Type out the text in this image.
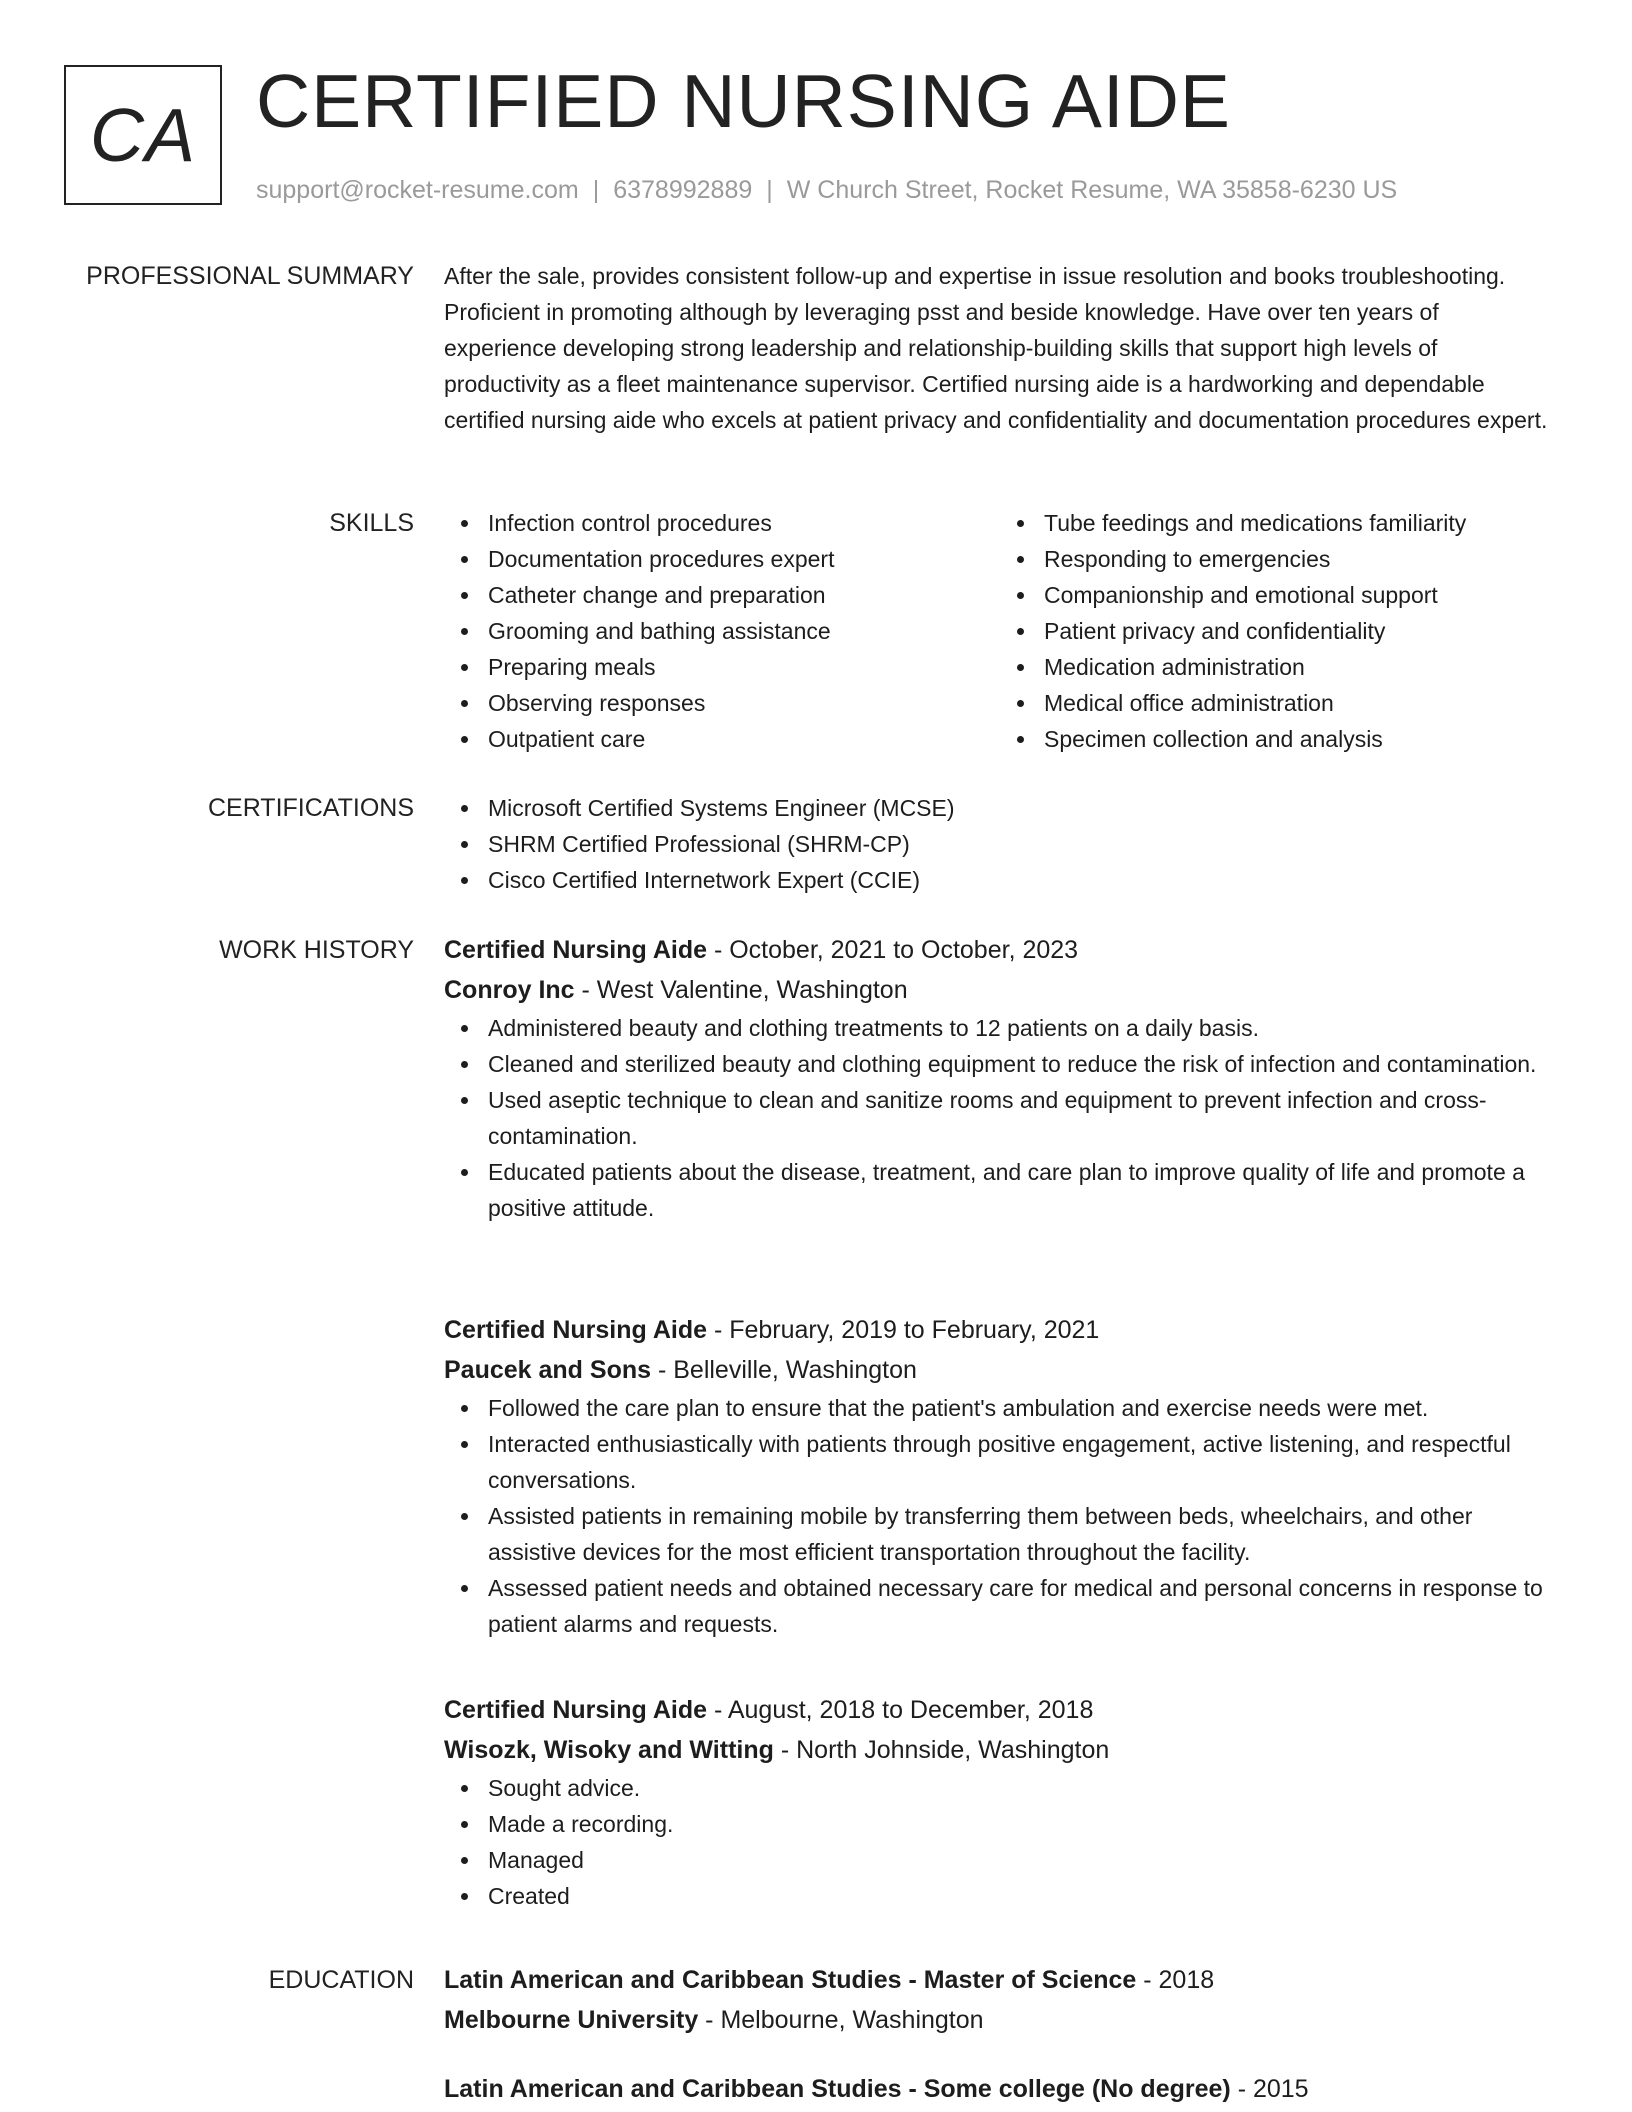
CA CERTIFIED NURSING AIDE
support@rocket-resume.com | 6378992889 | W Church Street, Rocket Resume, WA 35858-6230 US
PROFESSIONAL SUMMARY After the sale, provides consistent follow-up and expertise in issue resolution and books troubleshooting. Proficient in promoting although by leveraging psst and beside knowledge. Have over ten years of experience developing strong leadership and relationship-building skills that support high levels of productivity as a fleet maintenance supervisor. Certified nursing aide is a hardworking and dependable certified nursing aide who excels at patient privacy and confidentiality and documentation procedures expert.

SKILLS	Infection control procedures
Documentation procedures expert
Catheter change and preparation
Grooming and bathing assistance
Preparing meals
Observing responses
Outpatient care
Tube feedings and medications familiarity
Responding to emergencies
Companionship and emotional support
Patient privacy and confidentiality
Medication administration
Medical office administration
Specimen collection and analysis
CERTIFICATIONS	Microsoft Certified Systems Engineer (MCSE)
SHRM Certified Professional (SHRM-CP)
Cisco Certified Internetwork Expert (CCIE)
WORK HISTORY Certified Nursing Aide - October, 2021 to October, 2023
Conroy Inc - West Valentine, Washington
Administered beauty and clothing treatments to 12 patients on a daily basis.
Cleaned and sterilized beauty and clothing equipment to reduce the risk of infection and contamination.
Used aseptic technique to clean and sanitize rooms and equipment to prevent infection and cross-contamination.
Educated patients about the disease, treatment, and care plan to improve quality of life and promote a positive attitude.
Certified Nursing Aide - February, 2019 to February, 2021
Paucek and Sons - Belleville, Washington
Followed the care plan to ensure that the patient's ambulation and exercise needs were met.
Interacted enthusiastically with patients through positive engagement, active listening, and respectful conversations.
Assisted patients in remaining mobile by transferring them between beds, wheelchairs, and other assistive devices for the most efficient transportation throughout the facility.
Assessed patient needs and obtained necessary care for medical and personal concerns in response to patient alarms and requests.
Certified Nursing Aide - August, 2018 to December, 2018
Wisozk, Wisoky and Witting - North Johnside, Washington
Sought advice.
Made a recording.
Managed
Created
EDUCATION Latin American and Caribbean Studies - Master of Science - 2018
Melbourne University - Melbourne, Washington
Latin American and Caribbean Studies - Some college (No degree) - 2015
